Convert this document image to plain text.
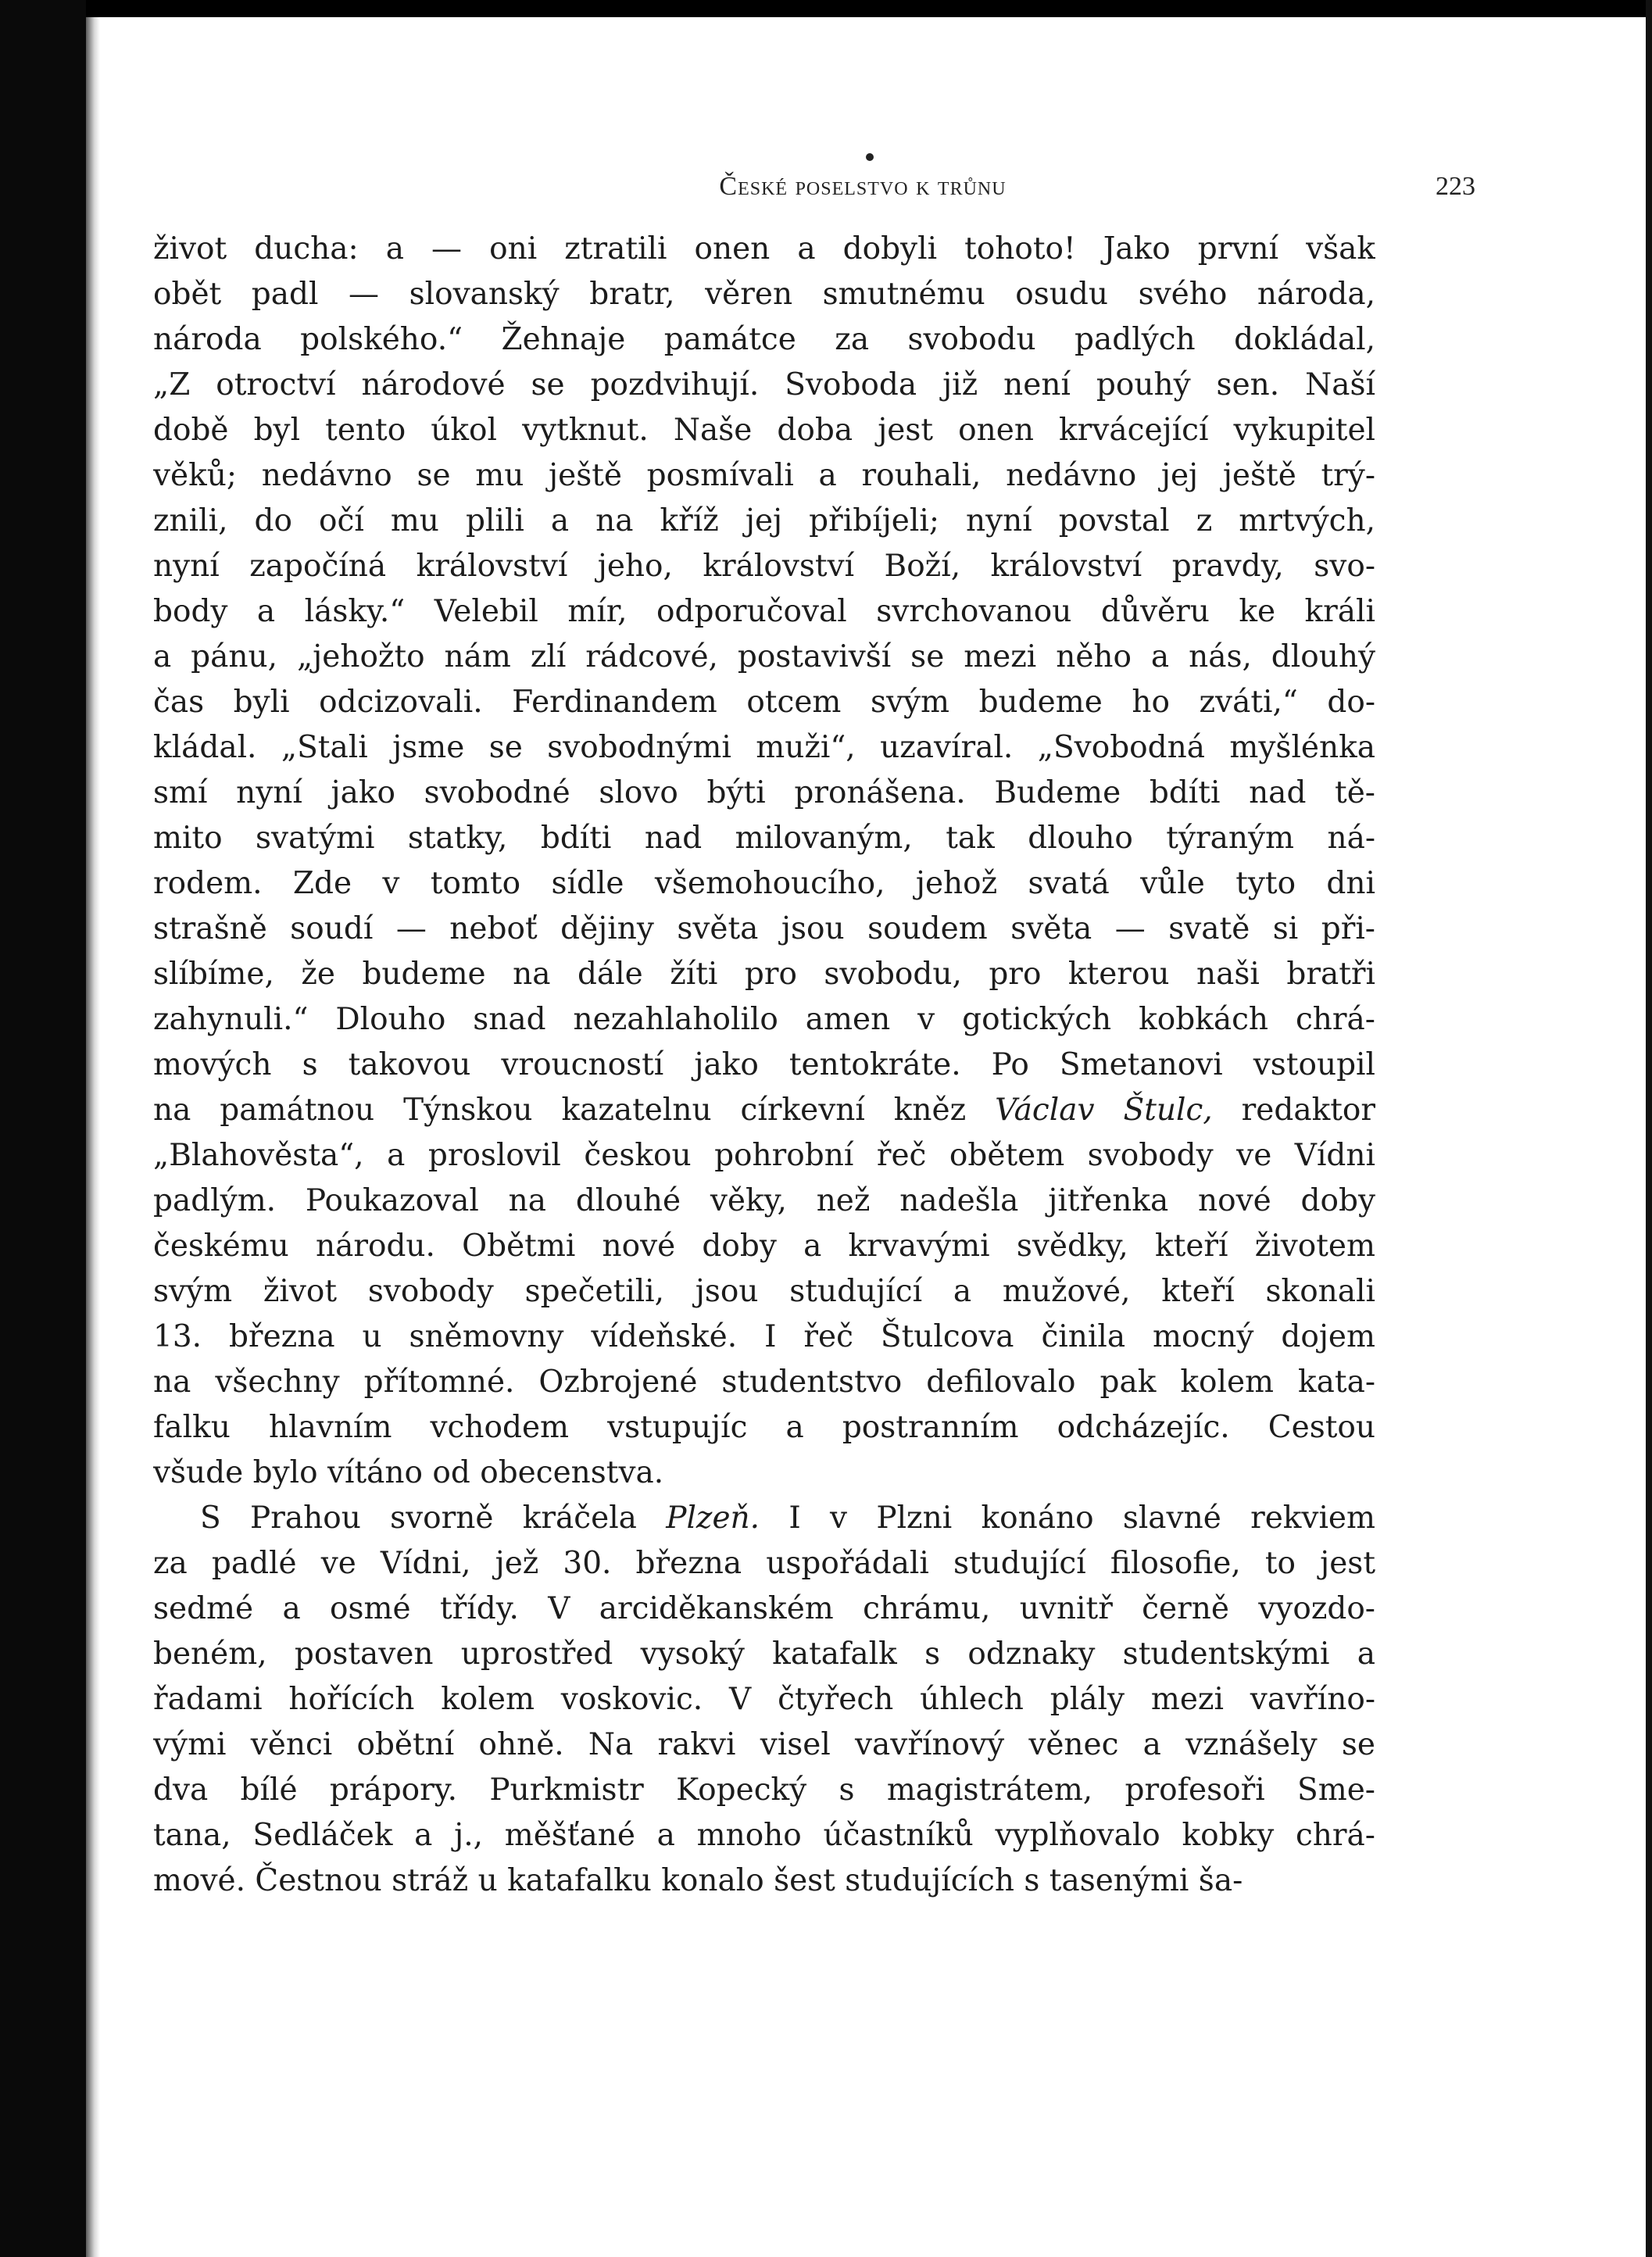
České poselstvo k trůnu	223
život ducha: a — oni ztratili onen a dobyli tohoto! Jako první však
obět padl — slovanský bratr, věren smutnému osudu svého národa,
národa polského.“ Žehnaje památce za svobodu padlých dokládal,
„Z otroctví národové se pozdvihují. Svoboda již není pouhý sen. Naší
době byl tento úkol vytknut. Naše doba jest onen krvácející vykupitel
věků; nedávno se mu ještě posmívali a rouhali, nedávno jej ještě trý-
znili, do očí mu plili a na kříž jej přibíjeli; nyní povstal z mrtvých,
nyní započíná království jeho, království Boží, království pravdy, svo-
body a lásky.“ Velebil mír, odporučoval svrchovanou důvěru ke králi
a pánu, „jehožto nám zlí rádcové, postavivší se mezi něho a nás, dlouhý
čas byli odcizovali. Ferdinandem otcem svým budeme ho zváti,“ do-
kládal. „Stali jsme se svobodnými muži“, uzavíral. „Svobodná myšlénka
smí nyní jako svobodné slovo býti pronášena. Budeme bdíti nad tě-
mito svatými statky, bdíti nad milovaným, tak dlouho týraným ná-
rodem. Zde v tomto sídle všemohoucího, jehož svatá vůle tyto dni
strašně soudí — neboť dějiny světa jsou soudem světa — svatě si při-
slíbíme, že budeme na dále žíti pro svobodu, pro kterou naši bratři
zahynuli.“ Dlouho snad nezahlaholilo amen v gotických kobkách chrá-
mových s takovou vroucností jako tentokráte. Po Smetanovi vstoupil
na památnou Týnskou kazatelnu církevní kněz Václav Štulc, redaktor
„Blahověsta“, a proslovil českou pohrobní řeč obětem svobody ve Vídni
padlým. Poukazoval na dlouhé věky, než nadešla jitřenka nové doby
českému národu. Obětmi nové doby a krvavými svědky, kteří životem
svým život svobody spečetili, jsou studující a mužové, kteří skonali
13. března u sněmovny vídeňské. I řeč Štulcova činila mocný dojem
na všechny přítomné. Ozbrojené studentstvo defilovalo pak kolem kata-
falku hlavním vchodem vstupujíc a postranním odcházejíc. Cestou
všude bylo vítáno od obecenstva.
S Prahou svorně kráčela Plzeň. I v Plzni konáno slavné rekviem
za padlé ve Vídni, jež 30. března uspořádali studující filosofie, to jest
sedmé a osmé třídy. V arciděkanském chrámu, uvnitř černě vyozdo-
beném, postaven uprostřed vysoký katafalk s odznaky studentskými a
řadami hořících kolem voskovic. V čtyřech úhlech plály mezi vavříno-
vými věnci obětní ohně. Na rakvi visel vavřínový věnec a vznášely se
dva bílé prápory. Purkmistr Kopecký s magistrátem, profesoři Sme-
tana, Sedláček a j., měšťané a mnoho účastníků vyplňovalo kobky chrá-
mové. Čestnou stráž u katafalku konalo šest studujících s tasenými ša-
